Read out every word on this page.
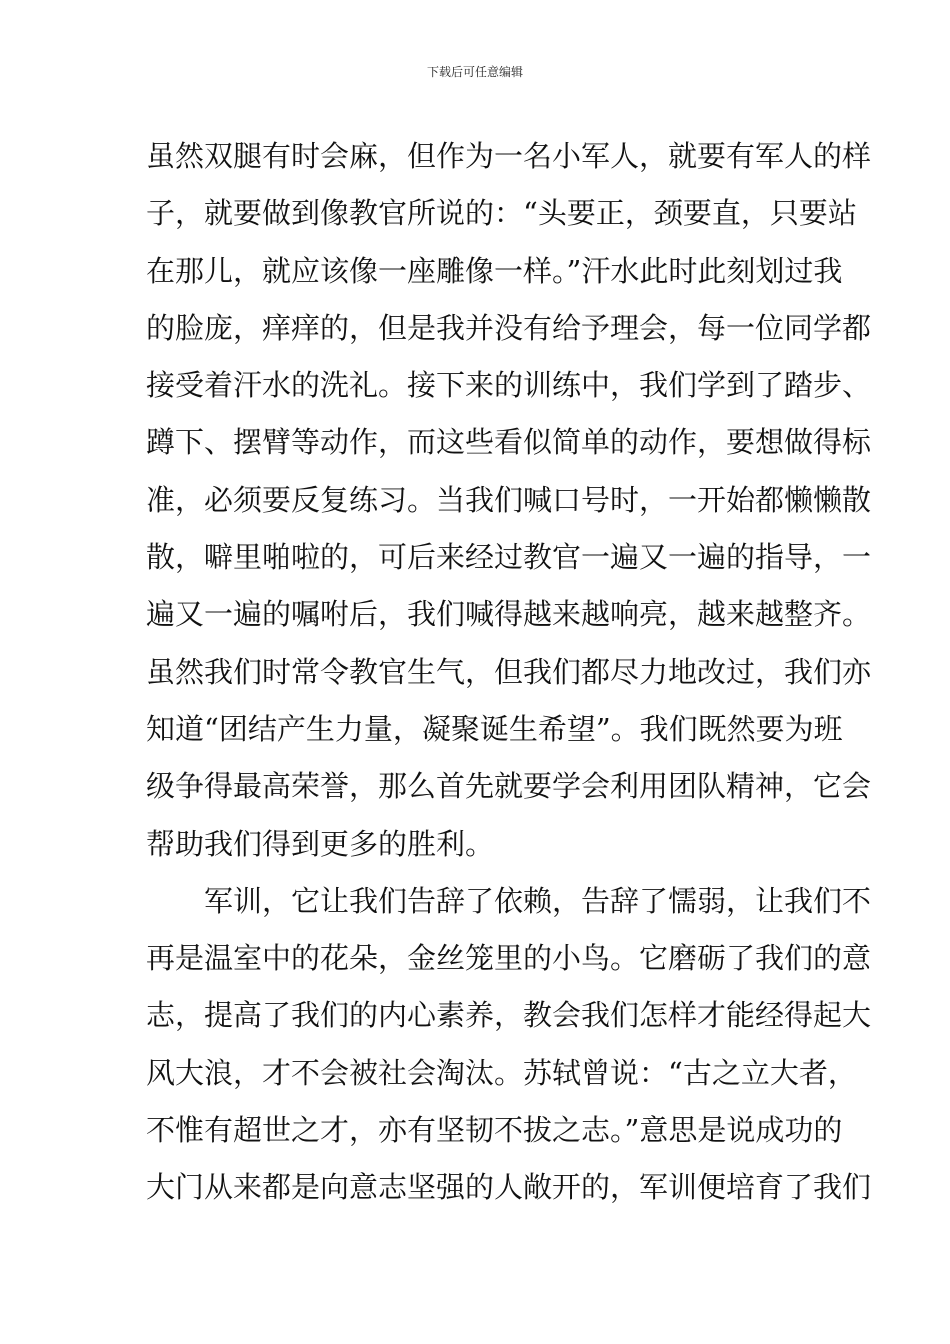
下载后可任意编辑
虽然双腿有时会麻，但作为一名小军人，就要有军人的样
子，就要做到像教官所说的：“头要正，颈要直，只要站
在那儿，就应该像一座雕像一样。”汗水此时此刻划过我
的脸庞，痒痒的，但是我并没有给予理会，每一位同学都
接受着汗水的洗礼。接下来的训练中，我们学到了踏步、
蹲下、摆臂等动作，而这些看似简单的动作，要想做得标
准，必须要反复练习。当我们喊口号时，一开始都懒懒散
散，噼里啪啦的，可后来经过教官一遍又一遍的指导，一
遍又一遍的嘱咐后，我们喊得越来越响亮，越来越整齐。
虽然我们时常令教官生气，但我们都尽力地改过，我们亦
知道“团结产生力量，凝聚诞生希望”。我们既然要为班
级争得最高荣誉，那么首先就要学会利用团队精神，它会
帮助我们得到更多的胜利。
军训，它让我们告辞了依赖，告辞了懦弱，让我们不
再是温室中的花朵，金丝笼里的小鸟。它磨砺了我们的意
志，提高了我们的内心素养，教会我们怎样才能经得起大
风大浪，才不会被社会淘汰。苏轼曾说：“古之立大者，
不惟有超世之才，亦有坚韧不拔之志。”意思是说成功的
大门从来都是向意志坚强的人敞开的，军训便培育了我们
